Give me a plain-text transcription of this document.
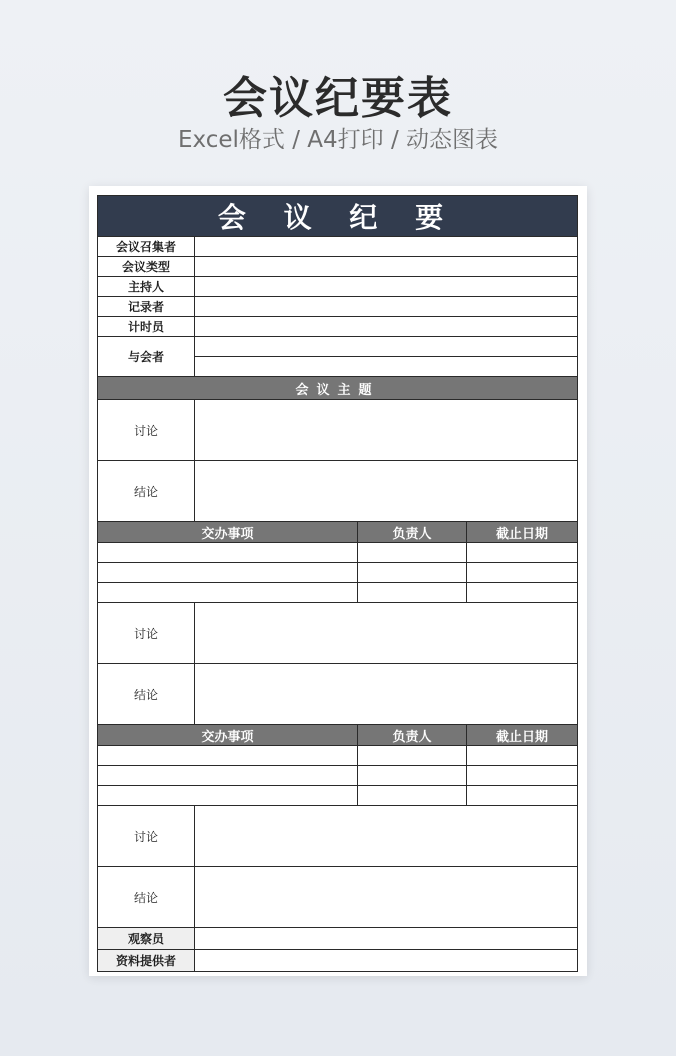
会议纪要表
Excel格式 / A4打印 / 动态图表
会 议 纪 要			
会议召集者			
会议类型			
主持人			
记录者			
计时员			
与会者			

会议主题			
讨论			
结论			
交办事项		负责人	截止日期

讨论			
结论			
交办事项		负责人	截止日期

讨论			
结论			
观察员			
资料提供者			
